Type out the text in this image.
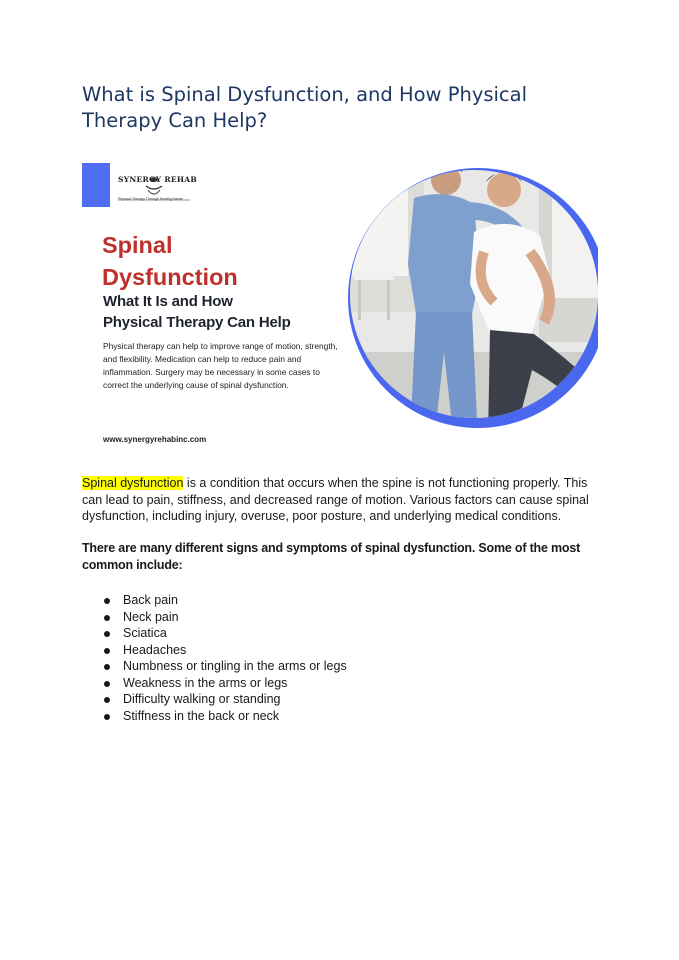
What is Spinal Dysfunction, and How Physical
Therapy Can Help?
SYNERGY REHAB
Physical Therapy Through Healing Hands
Spinal
Dysfunction
What It Is and How
Physical Therapy Can Help

Physical therapy can help to improve range of motion, strength, and flexibility. Medication can help to reduce pain and inflammation. Surgery may be necessary in some cases to correct the underlying cause of spinal dysfunction.

www.synergyrehabinc.com

Spinal dysfunction is a condition that occurs when the spine is not functioning properly. This can lead to pain, stiffness, and decreased range of motion. Various factors can cause spinal dysfunction, including injury, overuse, poor posture, and underlying medical conditions.

There are many different signs and symptoms of spinal dysfunction. Some of the most common include:

Back pain
Neck pain
Sciatica
Headaches
Numbness or tingling in the arms or legs
Weakness in the arms or legs
Difficulty walking or standing
Stiffness in the back or neck
